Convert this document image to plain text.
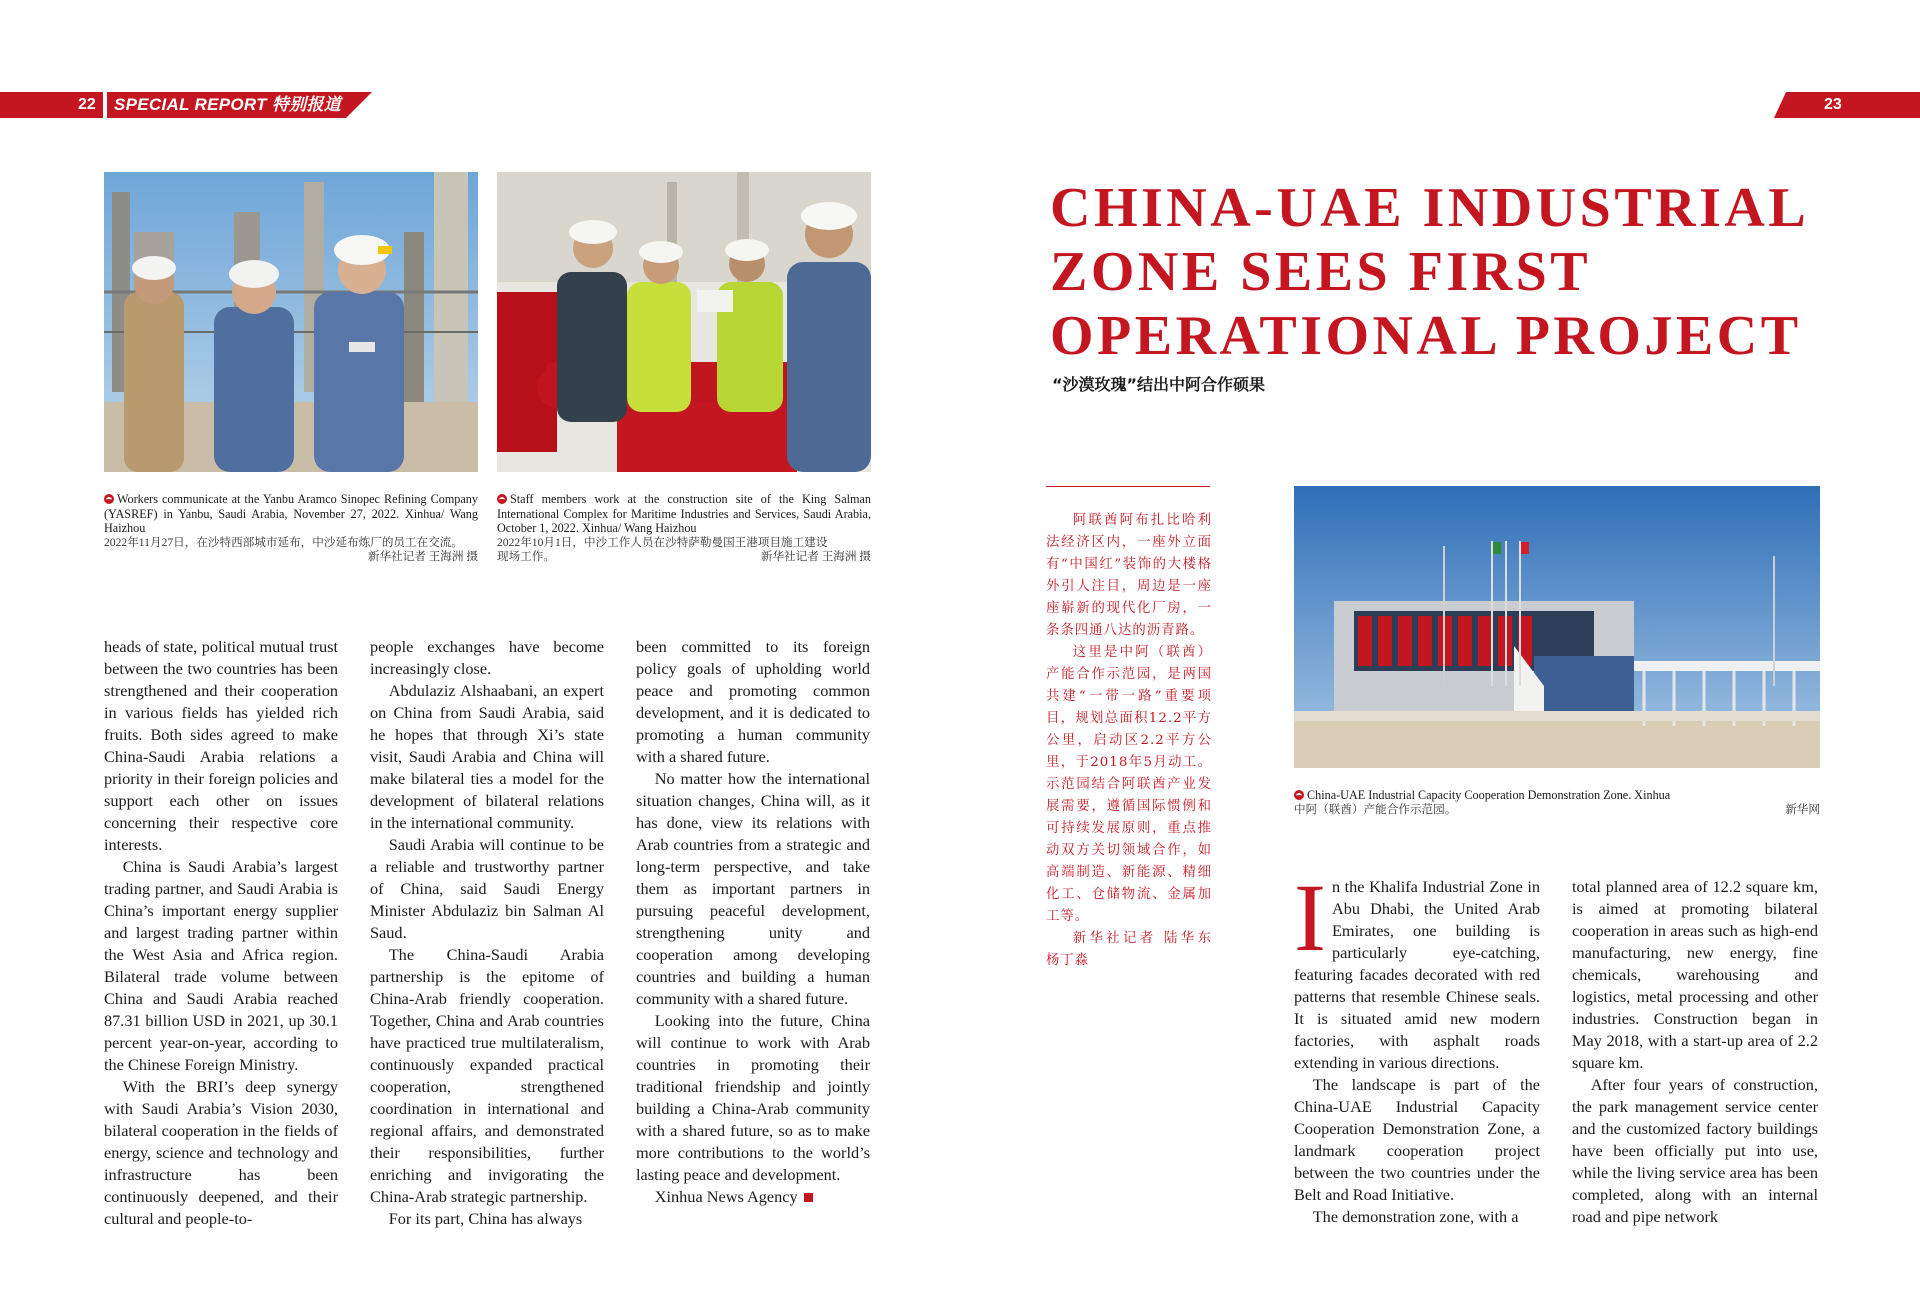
22 SPECIAL REPORT 特别报道	23
Workers communicate at the Yanbu Aramco Sinopec Refining Company (YASREF) in Yanbu, Saudi Arabia, November 27, 2022. Xinhua/ Wang Haizhou
2022年11月27日，在沙特西部城市延布，中沙延布炼厂的员工在交流。
新华社记者 王海洲 摄
Staff members work at the construction site of the King Salman International Complex for Maritime Industries and Services, Saudi Arabia, October 1, 2022. Xinhua/ Wang Haizhou
2022年10月1日，中沙工作人员在沙特萨勒曼国王港项目施工建设
现场工作。	新华社记者 王海洲 摄

heads of state, political mutual trust between the two countries has been strengthened and their cooperation in various fields has yielded rich fruits. Both sides agreed to make China-Saudi Arabia relations a priority in their foreign policies and support each other on issues concerning their respective core interests.

China is Saudi Arabia’s largest trading partner, and Saudi Arabia is China’s important energy supplier and largest trading partner within the West Asia and Africa region. Bilateral trade volume between China and Saudi Arabia reached 87.31 billion USD in 2021, up 30.1 percent year-on-year, according to the Chinese Foreign Ministry.

With the BRI’s deep synergy with Saudi Arabia’s Vision 2030, bilateral cooperation in the fields of energy, science and technology and infrastructure has been continuously deepened, and their cultural and people-to-

people exchanges have become increasingly close.

Abdulaziz Alshaabani, an expert on China from Saudi Arabia, said he hopes that through Xi’s state visit, Saudi Arabia and China will make bilateral ties a model for the development of bilateral relations in the international community.

Saudi Arabia will continue to be a reliable and trustworthy partner of China, said Saudi Energy Minister Abdulaziz bin Salman Al Saud.

The China-Saudi Arabia partnership is the epitome of China-Arab friendly cooperation. Together, China and Arab countries have practiced true multilateralism, continuously expanded practical cooperation, strengthened coordination in international and regional affairs, and demonstrated their responsibilities, further enriching and invigorating the China-Arab strategic partnership.

For its part, China has always

been committed to its foreign policy goals of upholding world peace and promoting common development, and it is dedicated to promoting a human community with a shared future.

No matter how the international situation changes, China will, as it has done, view its relations with Arab countries from a strategic and long-term perspective, and take them as important partners in pursuing peaceful development, strengthening unity and cooperation among developing countries and building a human community with a shared future.

Looking into the future, China will continue to work with Arab countries in promoting their traditional friendship and jointly building a China-Arab community with a shared future, so as to make more contributions to the world’s lasting peace and development.

Xinhua News Agency

CHINA-UAE INDUSTRIAL ZONE SEES FIRST OPERATIONAL PROJECT
“沙漠玫瑰”结出中阿合作硕果

阿联酋阿布扎比哈利法经济区内，一座外立面有“中国红”装饰的大楼格外引人注目，周边是一座座崭新的现代化厂房，一条条四通八达的沥青路。

这里是中阿（联酋）产能合作示范园，是两国共建“一带一路”重要项目，规划总面积12.2平方公里，启动区2.2平方公里，于2018年5月动工。示范园结合阿联酋产业发展需要，遵循国际惯例和可持续发展原则，重点推动双方关切领域合作，如高端制造、新能源、精细化工、仓储物流、金属加工等。

新华社记者 陆华东 杨丁淼

China-UAE Industrial Capacity Cooperation Demonstration Zone. Xinhua
中阿（联酋）产能合作示范园。	新华网

In the Khalifa Industrial Zone in Abu Dhabi, the United Arab Emirates, one building is particularly eye-catching, featuring facades decorated with red patterns that resemble Chinese seals. It is situated amid new modern factories, with asphalt roads extending in various directions.

The landscape is part of the China-UAE Industrial Capacity Cooperation Demonstration Zone, a landmark cooperation project between the two countries under the Belt and Road Initiative.

The demonstration zone, with a

total planned area of 12.2 square km, is aimed at promoting bilateral cooperation in areas such as high-end manufacturing, new energy, fine chemicals, warehousing and logistics, metal processing and other industries. Construction began in May 2018, with a start-up area of 2.2 square km.

After four years of construction, the park management service center and the customized factory buildings have been officially put into use, while the living service area has been completed, along with an internal road and pipe network
